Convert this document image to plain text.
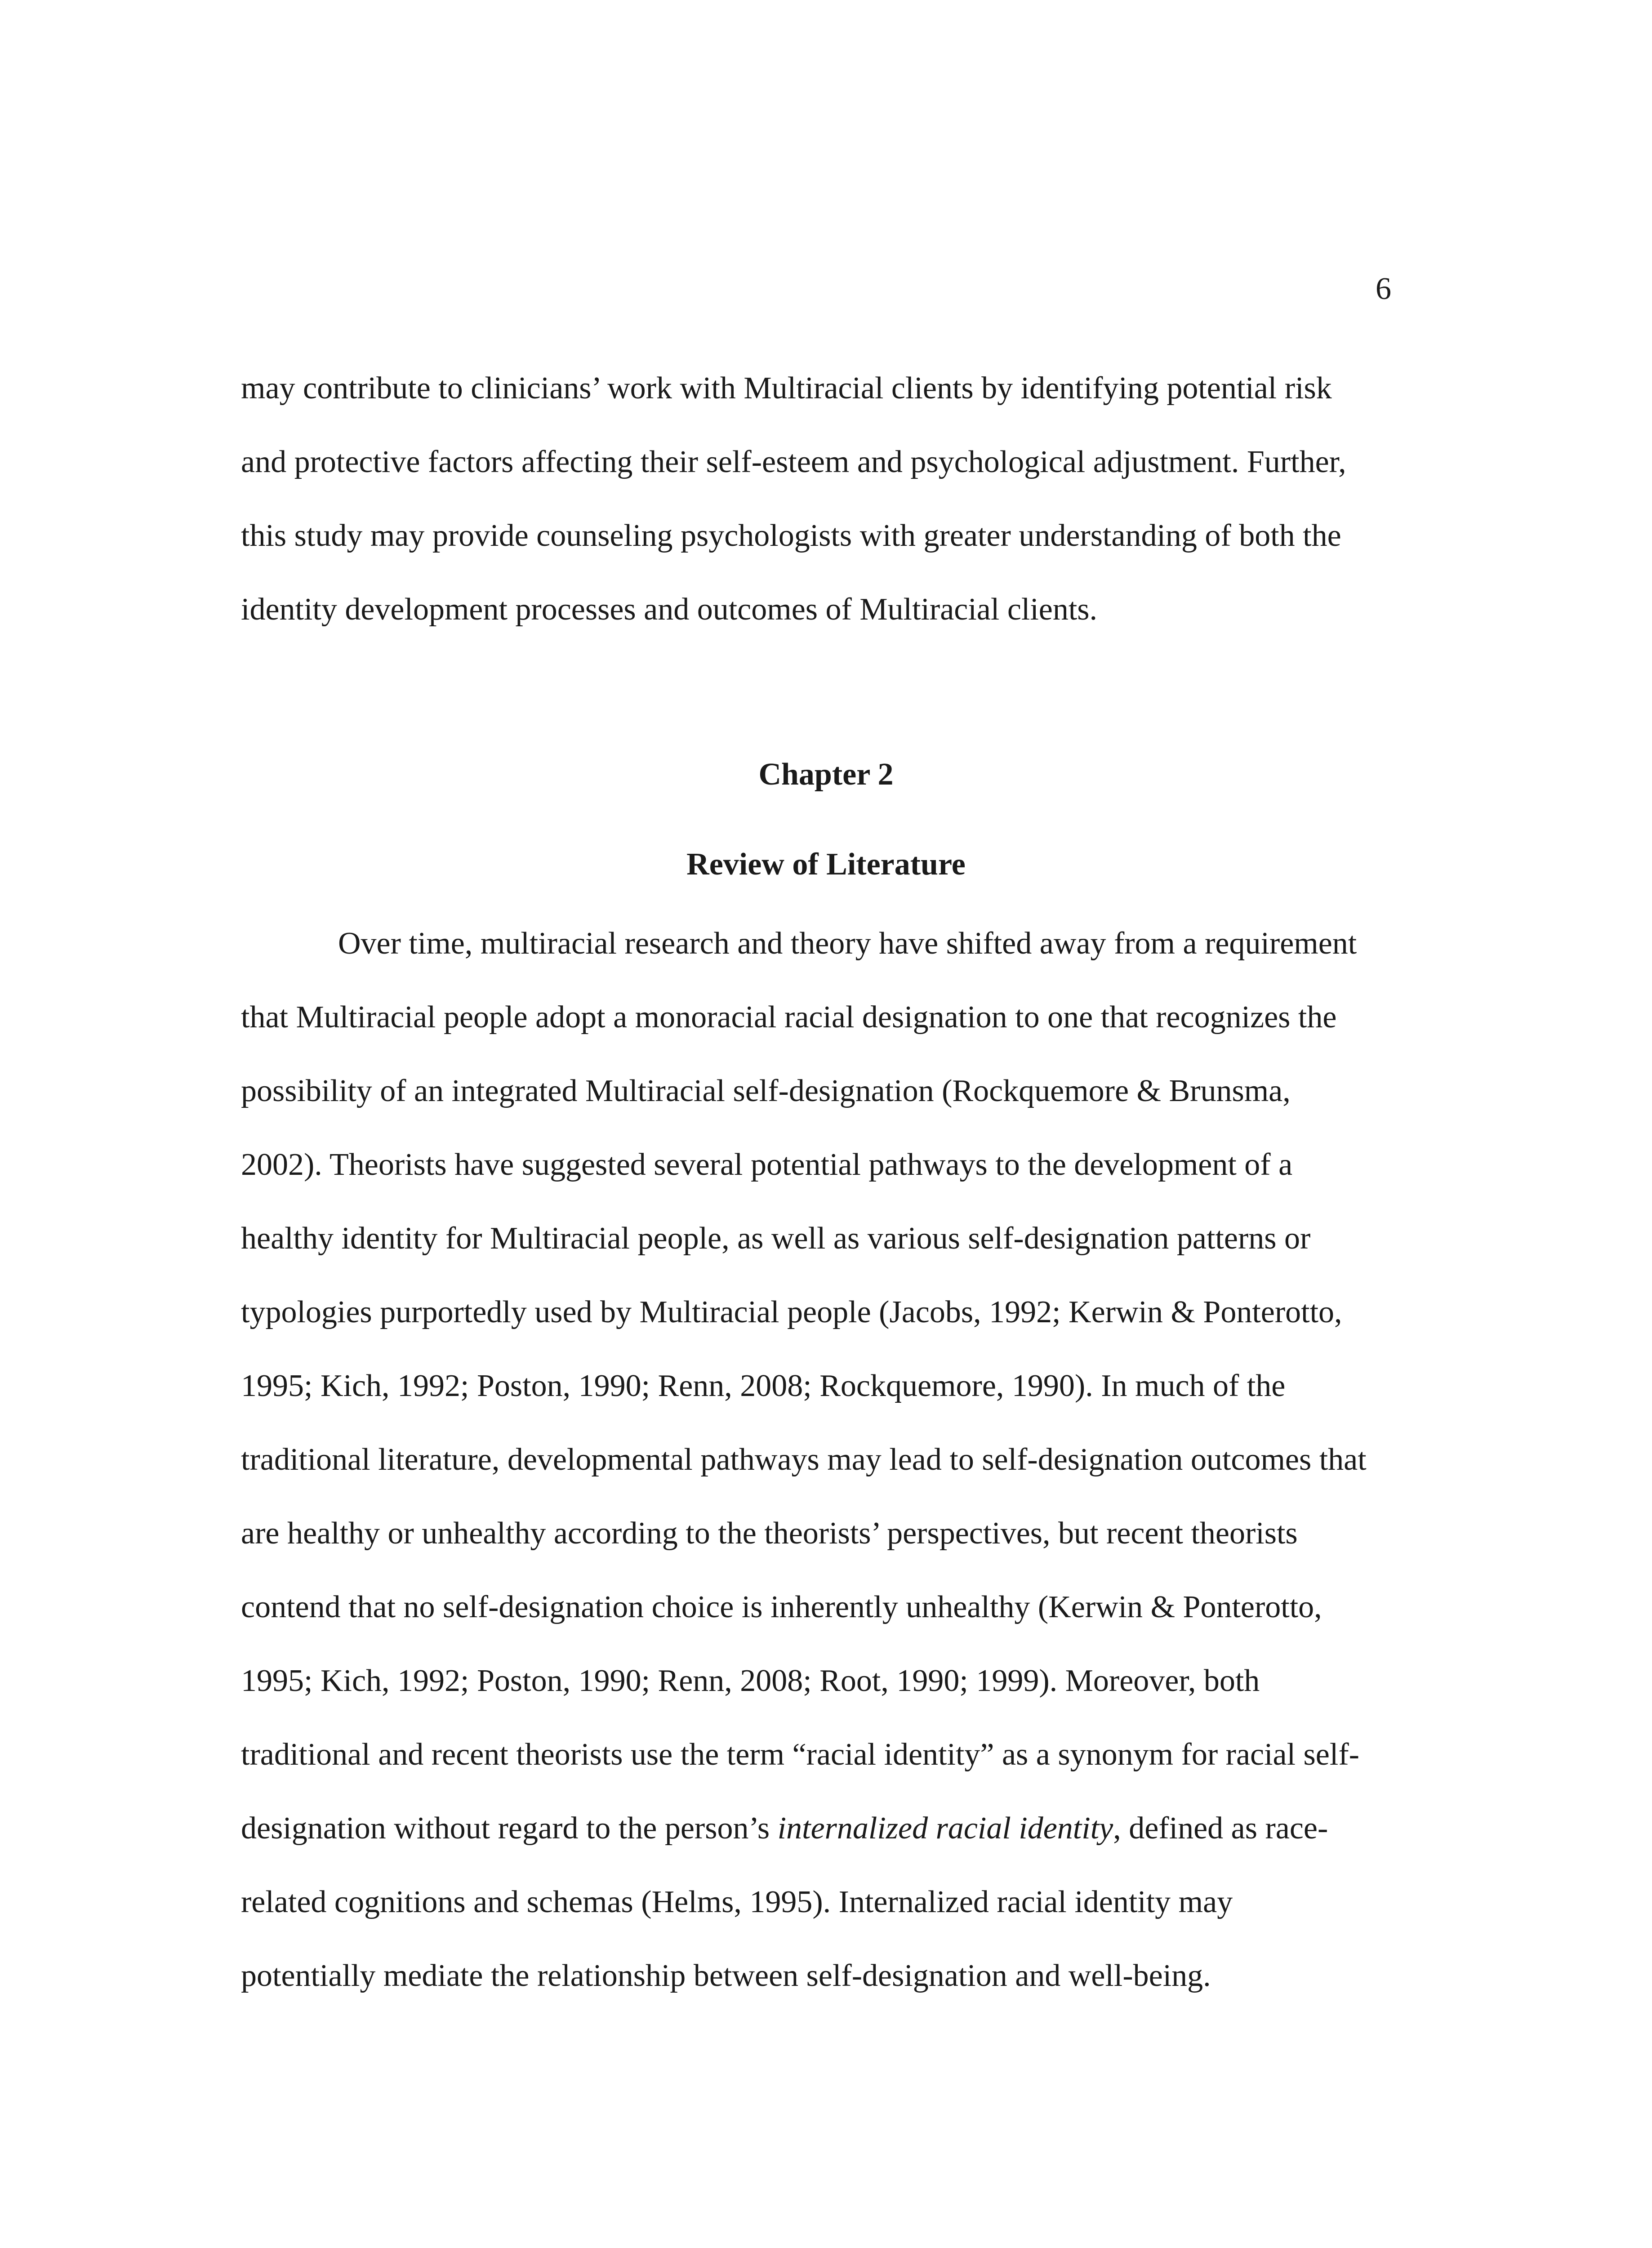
6
may contribute to clinicians’ work with Multiracial clients by identifying potential risk
and protective factors affecting their self-esteem and psychological adjustment. Further,
this study may provide counseling psychologists with greater understanding of both the
identity development processes and outcomes of Multiracial clients.
Chapter 2
Review of Literature
Over time, multiracial research and theory have shifted away from a requirement
that Multiracial people adopt a monoracial racial designation to one that recognizes the
possibility of an integrated Multiracial self-designation (Rockquemore & Brunsma,
2002). Theorists have suggested several potential pathways to the development of a
healthy identity for Multiracial people, as well as various self-designation patterns or
typologies purportedly used by Multiracial people (Jacobs, 1992; Kerwin & Ponterotto,
1995; Kich, 1992; Poston, 1990; Renn, 2008; Rockquemore, 1990). In much of the
traditional literature, developmental pathways may lead to self-designation outcomes that
are healthy or unhealthy according to the theorists’ perspectives, but recent theorists
contend that no self-designation choice is inherently unhealthy (Kerwin & Ponterotto,
1995; Kich, 1992; Poston, 1990; Renn, 2008; Root, 1990; 1999). Moreover, both
traditional and recent theorists use the term “racial identity” as a synonym for racial self-
designation without regard to the person’s internalized racial identity, defined as race-
related cognitions and schemas (Helms, 1995). Internalized racial identity may
potentially mediate the relationship between self-designation and well-being.
